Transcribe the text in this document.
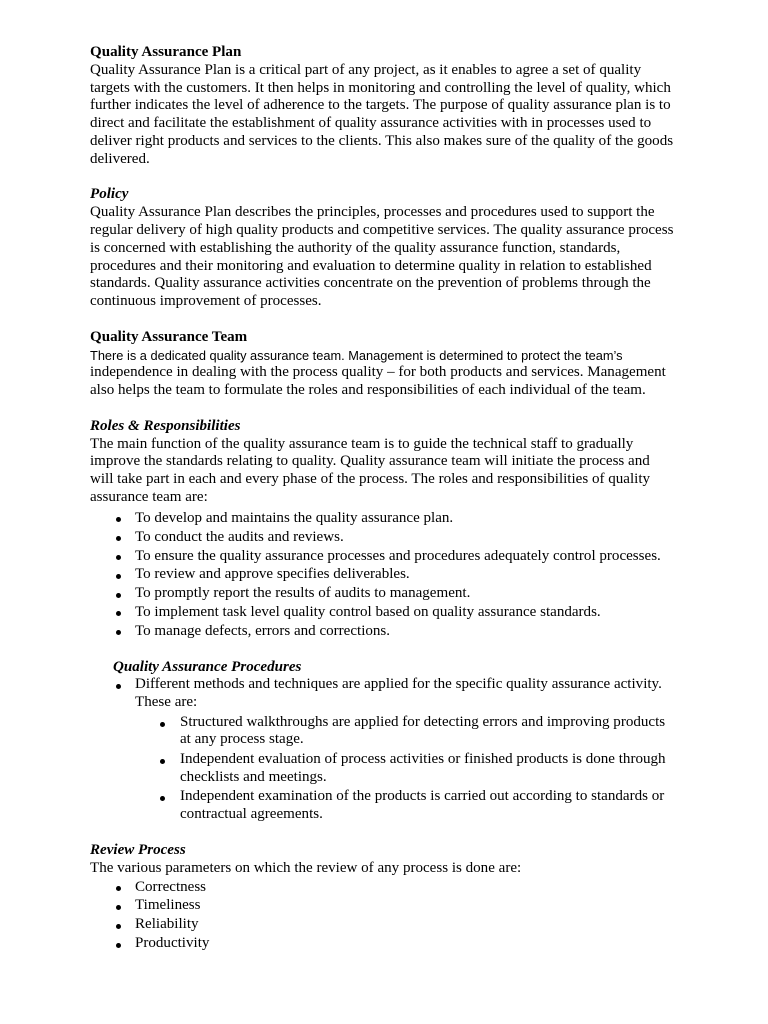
Quality Assurance Plan
Quality Assurance Plan is a critical part of any project, as it enables to agree a set of quality
targets with the customers. It then helps in monitoring and controlling the level of quality, which
further indicates the level of adherence to the targets. The purpose of quality assurance plan is to
direct and facilitate the establishment of quality assurance activities with in processes used to
deliver right products and services to the clients. This also makes sure of the quality of the goods
delivered.
Policy
Quality Assurance Plan describes the principles, processes and procedures used to support the
regular delivery of high quality products and competitive services. The quality assurance process
is concerned with establishing the authority of the quality assurance function, standards,
procedures and their monitoring and evaluation to determine quality in relation to established
standards. Quality assurance activities concentrate on the prevention of problems through the
continuous improvement of processes.
Quality Assurance Team
There is a dedicated quality assurance team. Management is determined to protect the team’s
independence in dealing with the process quality – for both products and services. Management
also helps the team to formulate the roles and responsibilities of each individual of the team.
Roles & Responsibilities
The main function of the quality assurance team is to guide the technical staff to gradually
improve the standards relating to quality. Quality assurance team will initiate the process and
will take part in each and every phase of the process. The roles and responsibilities of quality
assurance team are:
To develop and maintains the quality assurance plan.
To conduct the audits and reviews.
To ensure the quality assurance processes and procedures adequately control processes.
To review and approve specifies deliverables.
To promptly report the results of audits to management.
To implement task level quality control based on quality assurance standards.
To manage defects, errors and corrections.
Quality Assurance Procedures
Different methods and techniques are applied for the specific quality assurance activity.
These are:
Structured walkthroughs are applied for detecting errors and improving products
at any process stage.
Independent evaluation of process activities or finished products is done through
checklists and meetings.
Independent examination of the products is carried out according to standards or
contractual agreements.
Review Process
The various parameters on which the review of any process is done are:
Correctness
Timeliness
Reliability
Productivity
